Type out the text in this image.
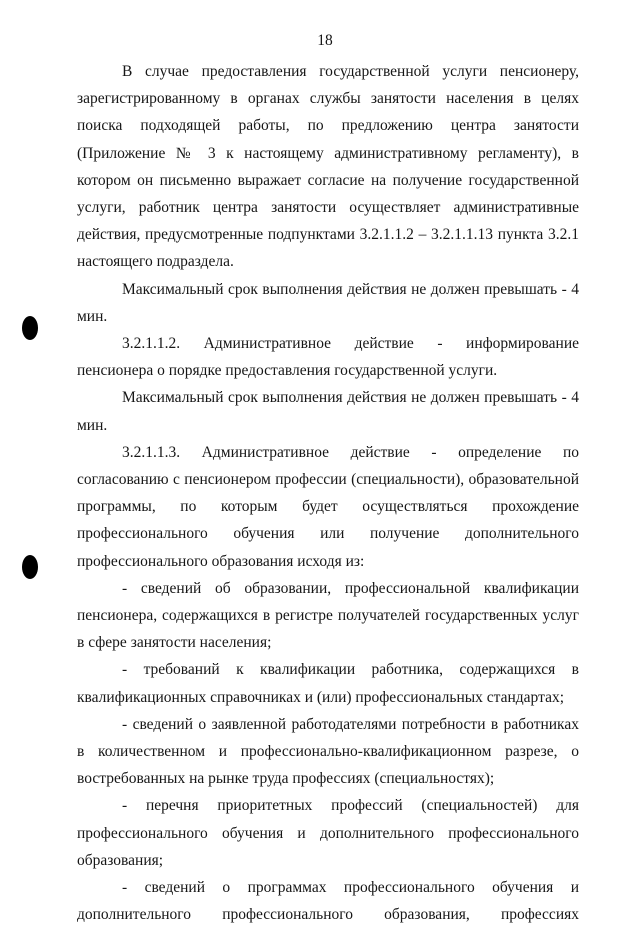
18

В случае предоставления государственной услуги пенсионеру, зарегистрированному в органах службы занятости населения в целях поиска подходящей работы, по предложению центра занятости (Приложение № 3 к настоящему административному регламенту), в котором он письменно выражает согласие на получение государственной услуги, работник центра занятости осуществляет административные действия, предусмотренные подпунктами 3.2.1.1.2 – 3.2.1.1.13 пункта 3.2.1 настоящего подраздела.

Максимальный срок выполнения действия не должен превышать - 4 мин.

3.2.1.1.2. Административное действие - информирование пенсионера о порядке предоставления государственной услуги.

Максимальный срок выполнения действия не должен превышать - 4 мин.

3.2.1.1.3. Административное действие - определение по согласованию с пенсионером профессии (специальности), образовательной программы, по которым будет осуществляться прохождение профессионального обучения или получение дополнительного профессионального образования исходя из:

- сведений об образовании, профессиональной квалификации пенсионера, содержащихся в регистре получателей государственных услуг в сфере занятости населения;

- требований к квалификации работника, содержащихся в квалификационных справочниках и (или) профессиональных стандартах;

- сведений о заявленной работодателями потребности в работниках в количественном и профессионально-квалификационном разрезе, о востребованных на рынке труда профессиях (специальностях);

- перечня приоритетных профессий (специальностей) для профессионального обучения и дополнительного профессионального образования;

- сведений о программах профессионального обучения и дополнительного профессионального образования, профессиях
